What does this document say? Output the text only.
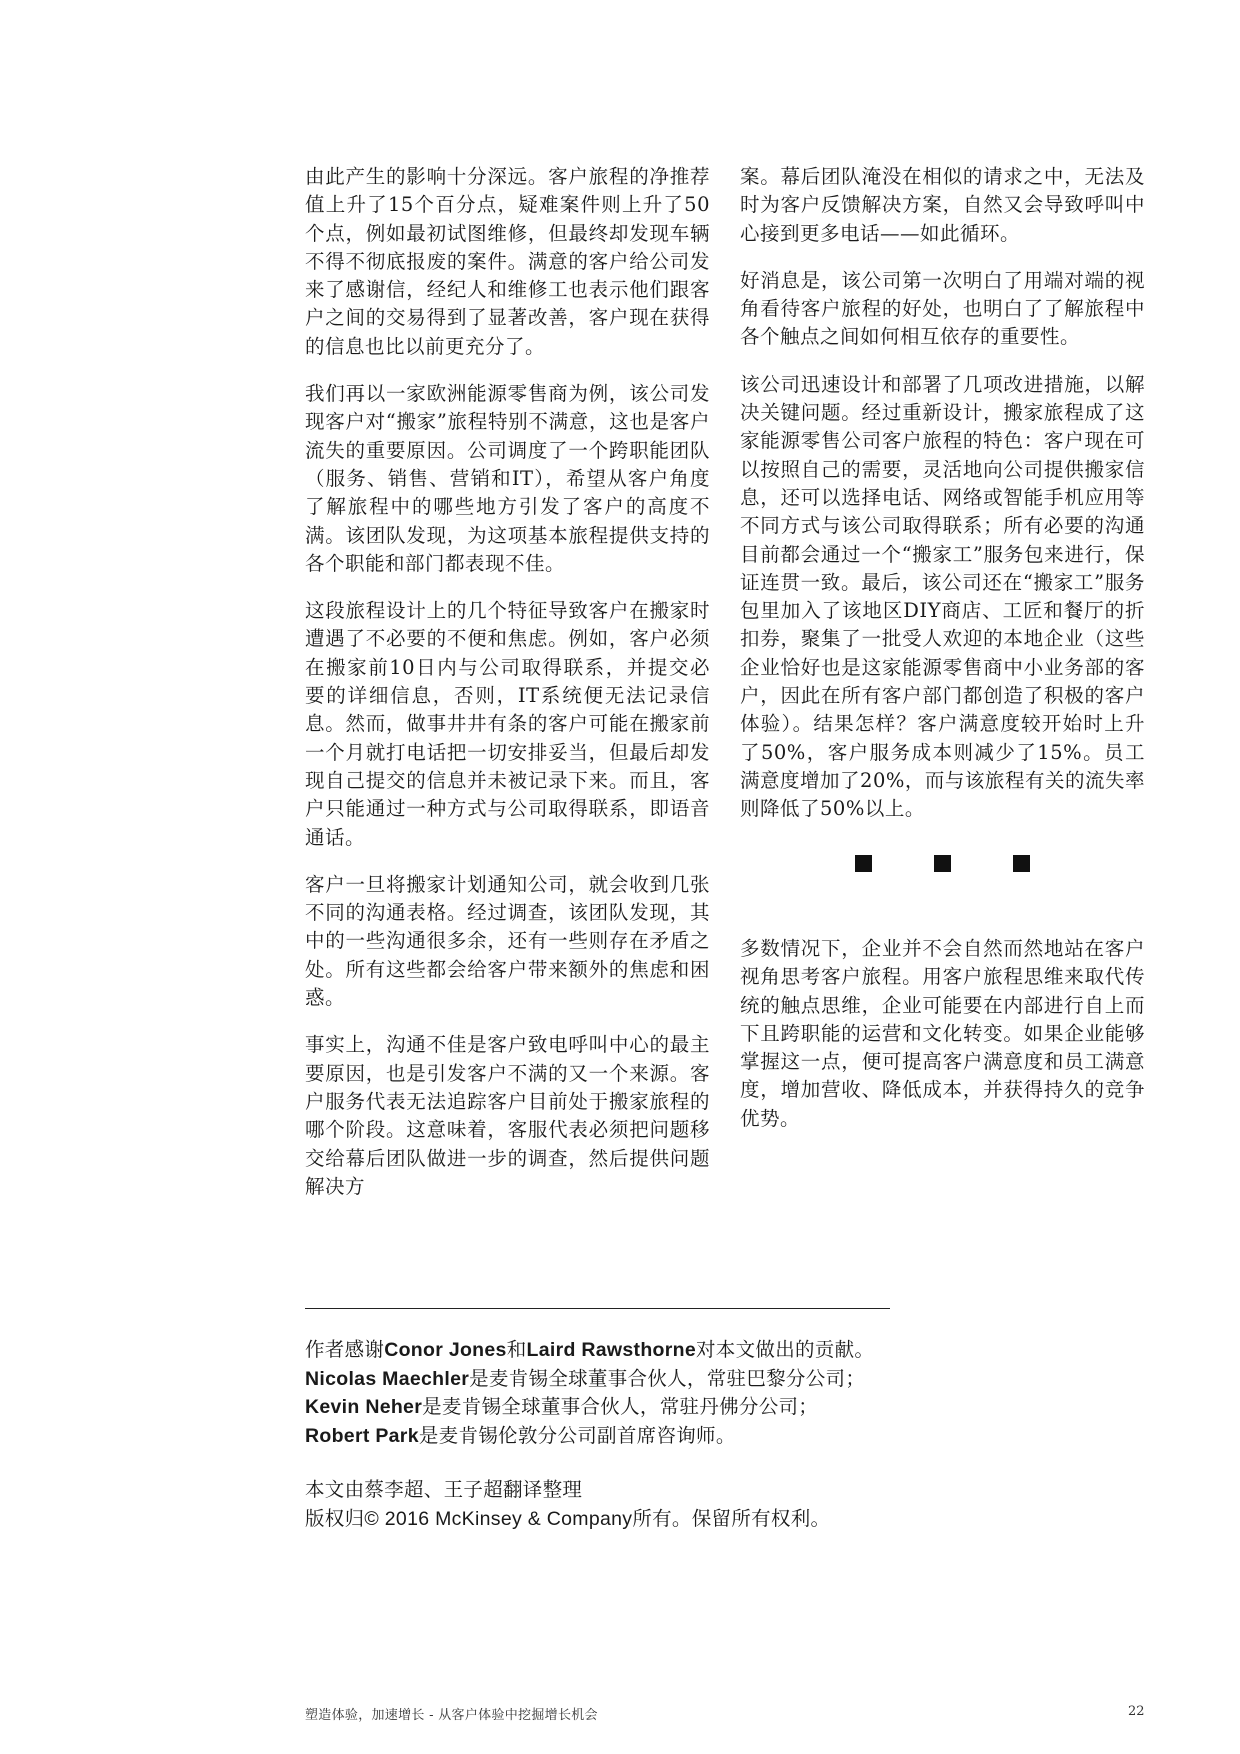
由此产生的影响十分深远。客户旅程的净推荐值上升了15个百分点，疑难案件则上升了50个点，例如最初试图维修，但最终却发现车辆不得不彻底报废的案件。满意的客户给公司发来了感谢信，经纪人和维修工也表示他们跟客户之间的交易得到了显著改善，客户现在获得的信息也比以前更充分了。

我们再以一家欧洲能源零售商为例，该公司发现客户对“搬家”旅程特别不满意，这也是客户流失的重要原因。公司调度了一个跨职能团队（服务、销售、营销和IT），希望从客户角度了解旅程中的哪些地方引发了客户的高度不满。该团队发现，为这项基本旅程提供支持的各个职能和部门都表现不佳。

这段旅程设计上的几个特征导致客户在搬家时遭遇了不必要的不便和焦虑。例如，客户必须在搬家前10日内与公司取得联系，并提交必要的详细信息，否则，IT系统便无法记录信息。然而，做事井井有条的客户可能在搬家前一个月就打电话把一切安排妥当，但最后却发现自己提交的信息并未被记录下来。而且，客户只能通过一种方式与公司取得联系，即语音通话。

客户一旦将搬家计划通知公司，就会收到几张不同的沟通表格。经过调查，该团队发现，其中的一些沟通很多余，还有一些则存在矛盾之处。所有这些都会给客户带来额外的焦虑和困惑。

事实上，沟通不佳是客户致电呼叫中心的最主要原因，也是引发客户不满的又一个来源。客户服务代表无法追踪客户目前处于搬家旅程的哪个阶段。这意味着，客服代表必须把问题移交给幕后团队做进一步的调查，然后提供问题解决方

案。幕后团队淹没在相似的请求之中，无法及时为客户反馈解决方案，自然又会导致呼叫中心接到更多电话——如此循环。

好消息是，该公司第一次明白了用端对端的视角看待客户旅程的好处，也明白了了解旅程中各个触点之间如何相互依存的重要性。

该公司迅速设计和部署了几项改进措施，以解决关键问题。经过重新设计，搬家旅程成了这家能源零售公司客户旅程的特色：客户现在可以按照自己的需要，灵活地向公司提供搬家信息，还可以选择电话、网络或智能手机应用等不同方式与该公司取得联系；所有必要的沟通目前都会通过一个“搬家工”服务包来进行，保证连贯一致。最后，该公司还在“搬家工”服务包里加入了该地区DIY商店、工匠和餐厅的折扣券，聚集了一批受人欢迎的本地企业（这些企业恰好也是这家能源零售商中小业务部的客户，因此在所有客户部门都创造了积极的客户体验）。结果怎样？客户满意度较开始时上升了50%，客户服务成本则减少了15%。员工满意度增加了20%，而与该旅程有关的流失率则降低了50%以上。

多数情况下，企业并不会自然而然地站在客户视角思考客户旅程。用客户旅程思维来取代传统的触点思维，企业可能要在内部进行自上而下且跨职能的运营和文化转变。如果企业能够掌握这一点，便可提高客户满意度和员工满意度，增加营收、降低成本，并获得持久的竞争优势。

作者感谢Conor Jones和Laird Rawsthorne对本文做出的贡献。
Nicolas Maechler是麦肯锡全球董事合伙人，常驻巴黎分公司；
Kevin Neher是麦肯锡全球董事合伙人，常驻丹佛分公司；
Robert Park是麦肯锡伦敦分公司副首席咨询师。
本文由蔡李超、王子超翻译整理
版权归© 2016 McKinsey & Company所有。保留所有权利。
塑造体验，加速增长 - 从客户体验中挖掘增长机会	22
